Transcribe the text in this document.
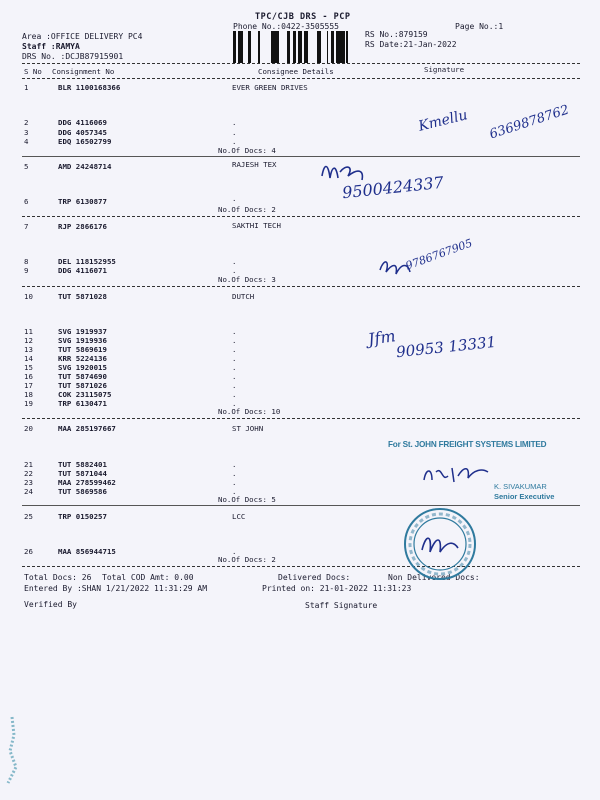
TPC/CJB DRS - PCP
Phone No.:0422-3505555	Page No.:1
Area :OFFICE DELIVERY PC4
Staff :RAMYA
DRS No. :DCJB87915901
RS No.:879159
RS Date:21-Jan-2022
S No Consignment No	Consignee Details	Signature
1	BLR 1100168366	EVER GREEN DRIVES
2	DDG 4116069	.
3	DDG 4057345	.
4	EDQ 16502799	.
No.Of Docs: 4
5	AMD 24248714	RAJESH TEX
6	TRP 6130877	.
No.Of Docs: 2
7	RJP 2866176	SAKTHI TECH
8	DEL 118152955	.
9	DDG 4116071	.
No.Of Docs: 3
10	TUT 5871028	DUTCH
11	SVG 1919937	.
12	SVG 1919936	.
13	TUT 5869619	.
14	KRR 5224136	.
15	SVG 1920015	.
16	TUT 5874690	.
17	TUT 5871026	.
18	COK 23115075	.
19	TRP 6130471	.
No.Of Docs: 10
20	MAA 285197667	ST JOHN
21	TUT 5882401	.
22	TUT 5871044	.
23	MAA 278599462	.
24	TUT 5869586	.
No.Of Docs: 5
25	TRP 0150257	LCC
26	MAA 856944715	.
No.Of Docs: 2
Total Docs: 26 Total COD Amt: 0.00	Delivered Docs:	Non Delivered Docs:
Entered By :SHAN 1/21/2022 11:31:29 AM	Printed on: 21-01-2022 11:31:23
Verified By	Staff Signature
Kmellu 6369878762
9500424337
9786767905
Jfm
90953 13331
For St. JOHN FREIGHT SYSTEMS LIMITED
K. SIVAKUMAR
Senior Executive
